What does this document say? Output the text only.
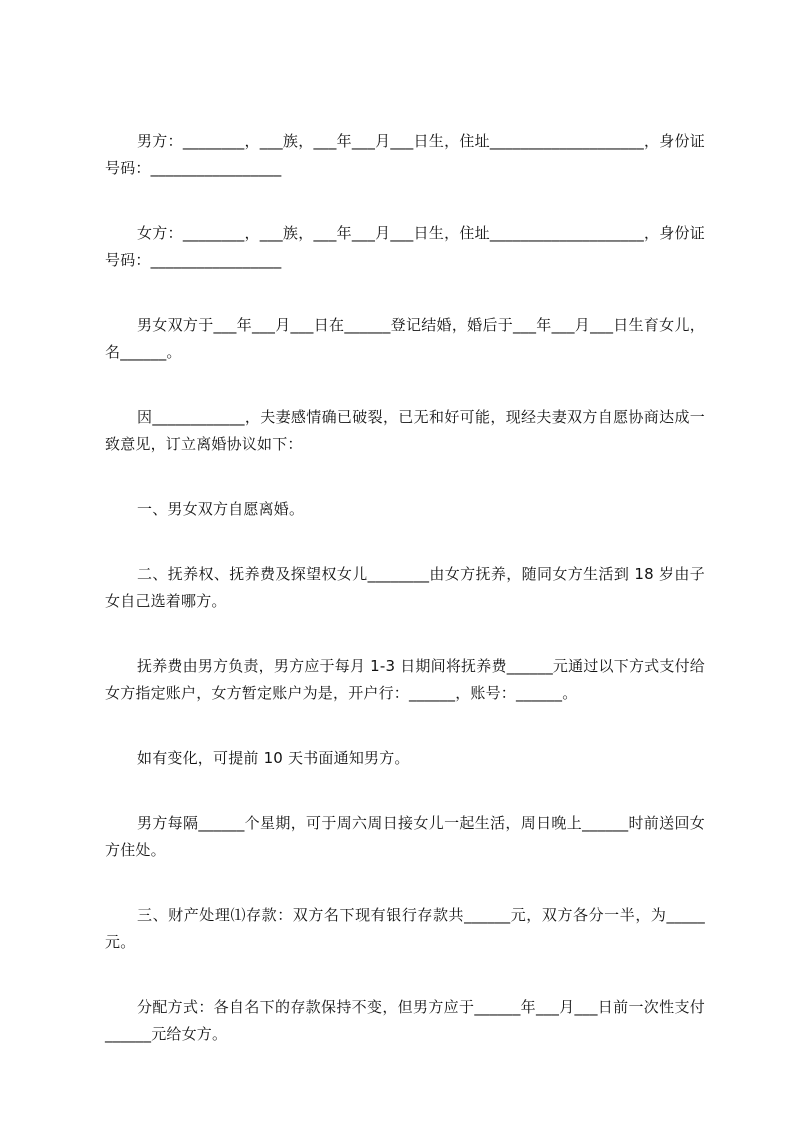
男方：________，___族，___年___月___日生，住址____________________，身份证号码：_________________

女方：________，___族，___年___月___日生，住址____________________，身份证号码：_________________

男女双方于___年___月___日在______登记结婚，婚后于___年___月___日生育女儿，名______。

因____________，夫妻感情确已破裂，已无和好可能，现经夫妻双方自愿协商达成一致意见，订立离婚协议如下：

一、男女双方自愿离婚。

二、抚养权、抚养费及探望权女儿________由女方抚养，随同女方生活到 18 岁由子女自己选着哪方。

抚养费由男方负责，男方应于每月 1-3 日期间将抚养费______元通过以下方式支付给女方指定账户，女方暂定账户为是，开户行：______，账号：______。

如有变化，可提前 10 天书面通知男方。

男方每隔______个星期，可于周六周日接女儿一起生活，周日晚上______时前送回女方住处。

三、财产处理⑴存款：双方名下现有银行存款共______元，双方各分一半，为_____元。

分配方式：各自名下的存款保持不变，但男方应于______年___月___日前一次性支付______元给女方。
